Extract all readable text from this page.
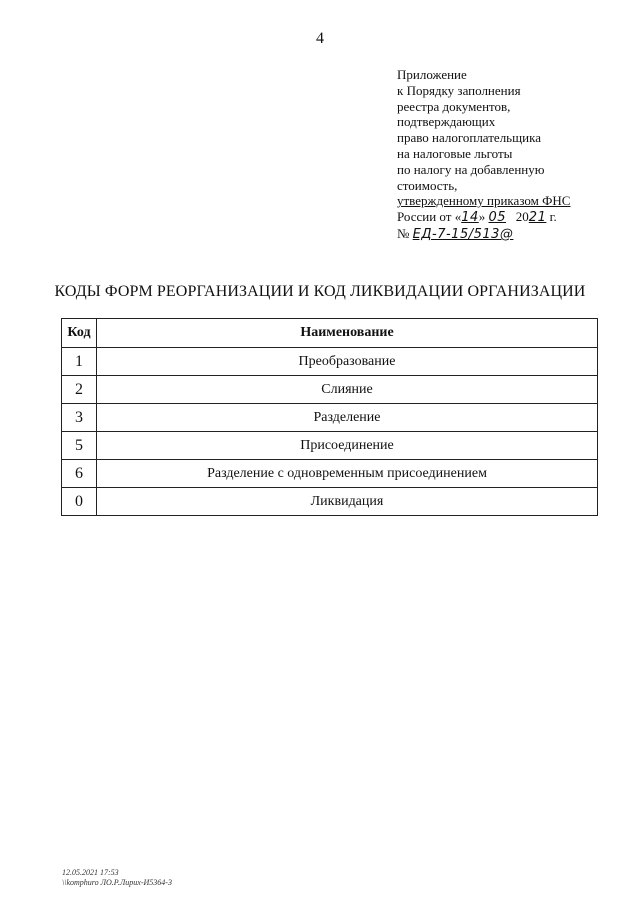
4
Приложение
к Порядку заполнения
реестра документов,
подтверждающих
право налогоплательщика
на налоговые льготы
по налогу на добавленную
стоимость,
утвержденному приказом ФНС
России от «14» 05 2021 г.
№ ЕД-7-15/513@
КОДЫ ФОРМ РЕОРГАНИЗАЦИИ И КОД ЛИКВИДАЦИИ ОРГАНИЗАЦИИ
Код	Наименование
1	Преобразование
2	Слияние
3	Разделение
5	Присоединение
6	Разделение с одновременным присоединением
0	Ликвидация
12.05.2021 17:53
\\komphuro ЛО.Р.Лирих-И5364-3
